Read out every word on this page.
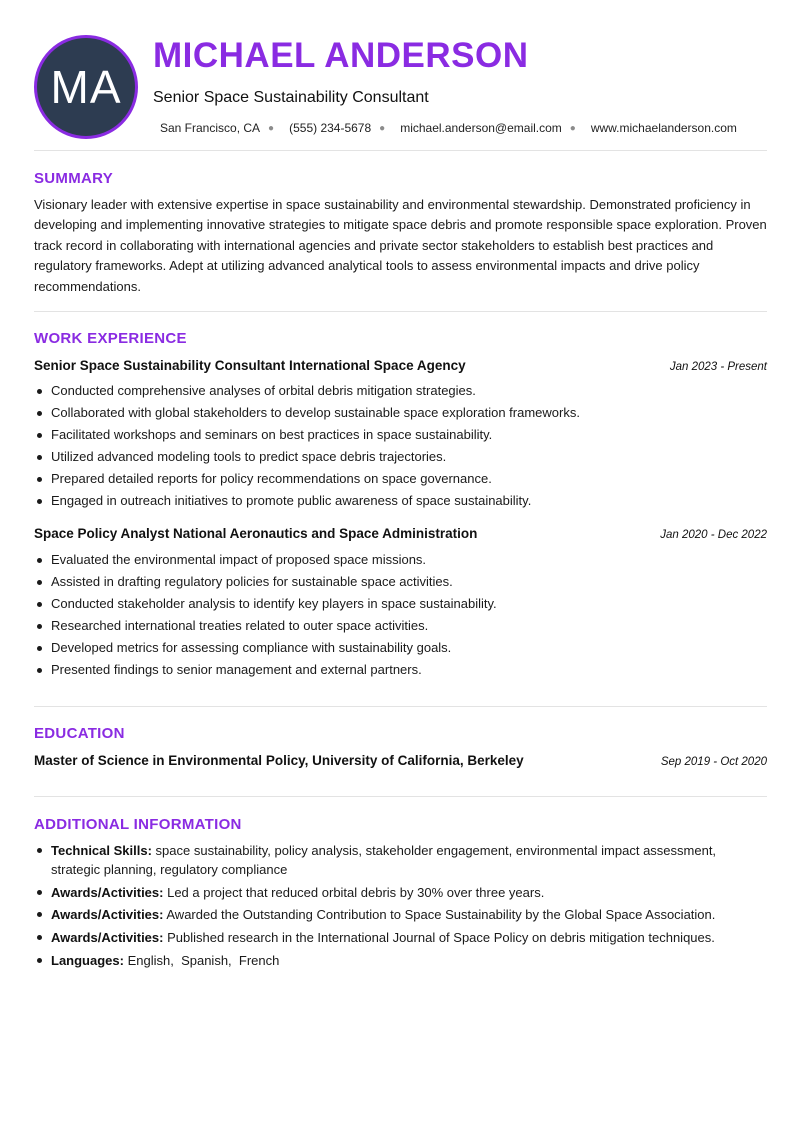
MA
MICHAEL ANDERSON
Senior Space Sustainability Consultant
San Francisco, CA ● (555) 234-5678 ● michael.anderson@email.com ● www.michaelanderson.com
SUMMARY

Visionary leader with extensive expertise in space sustainability and environmental stewardship. Demonstrated proficiency in developing and implementing innovative strategies to mitigate space debris and promote responsible space exploration. Proven track record in collaborating with international agencies and private sector stakeholders to establish best practices and regulatory frameworks. Adept at utilizing advanced analytical tools to assess environmental impacts and drive policy recommendations.

WORK EXPERIENCE
Senior Space Sustainability Consultant International Space Agency	Jan 2023 - Present
Conducted comprehensive analyses of orbital debris mitigation strategies.
Collaborated with global stakeholders to develop sustainable space exploration frameworks.
Facilitated workshops and seminars on best practices in space sustainability.
Utilized advanced modeling tools to predict space debris trajectories.
Prepared detailed reports for policy recommendations on space governance.
Engaged in outreach initiatives to promote public awareness of space sustainability.
Space Policy Analyst National Aeronautics and Space Administration	Jan 2020 - Dec 2022
Evaluated the environmental impact of proposed space missions.
Assisted in drafting regulatory policies for sustainable space activities.
Conducted stakeholder analysis to identify key players in space sustainability.
Researched international treaties related to outer space activities.
Developed metrics for assessing compliance with sustainability goals.
Presented findings to senior management and external partners.
EDUCATION
Master of Science in Environmental Policy, University of California, Berkeley	Sep 2019 - Oct 2020
ADDITIONAL INFORMATION
Technical Skills: space sustainability, policy analysis, stakeholder engagement, environmental impact assessment, strategic planning, regulatory compliance
Awards/Activities: Led a project that reduced orbital debris by 30% over three years.
Awards/Activities: Awarded the Outstanding Contribution to Space Sustainability by the Global Space Association.
Awards/Activities: Published research in the International Journal of Space Policy on debris mitigation techniques.
Languages: English,  Spanish,  French
